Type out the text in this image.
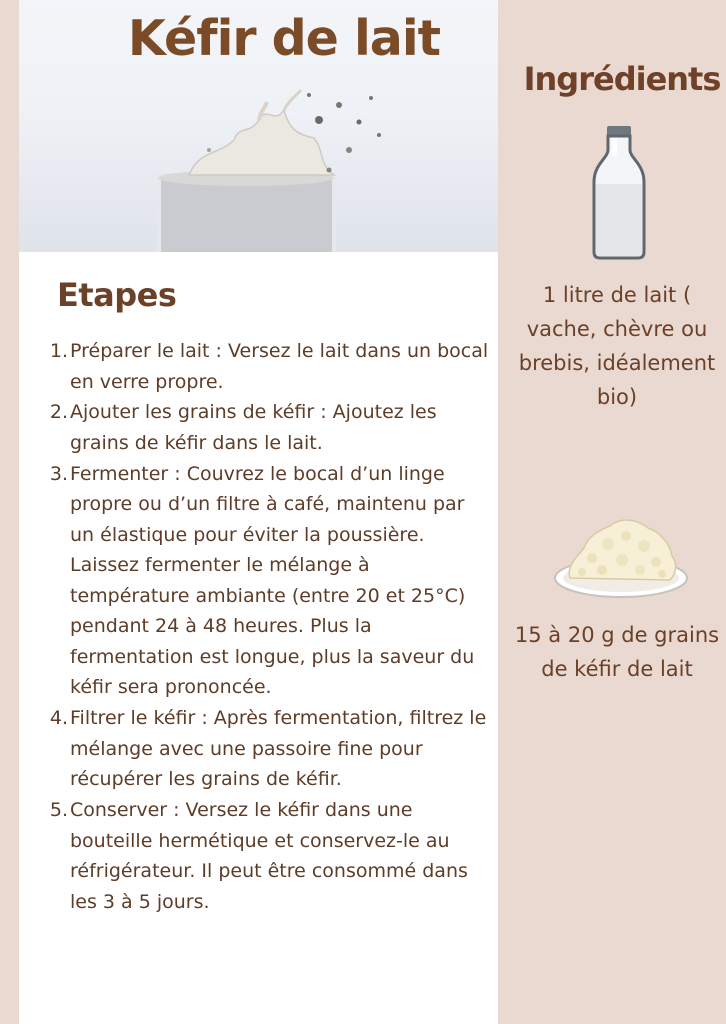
Kéfir de lait
Etapes
1. Préparer le lait : Versez le lait dans un bocal en verre propre.
2. Ajouter les grains de kéfir : Ajoutez les grains de kéfir dans le lait.
3. Fermenter : Couvrez le bocal d’un linge propre ou d’un filtre à café, maintenu par un élastique pour éviter la poussière. Laissez fermenter le mélange à température ambiante (entre 20 et 25°C) pendant 24 à 48 heures. Plus la fermentation est longue, plus la saveur du kéfir sera prononcée.
4. Filtrer le kéfir : Après fermentation, filtrez le mélange avec une passoire fine pour récupérer les grains de kéfir.
5. Conserver : Versez le kéfir dans une bouteille hermétique et conservez-le au réfrigérateur. Il peut être consommé dans les 3 à 5 jours.
Ingrédients

1 litre de lait ( vache, chèvre ou brebis, idéalement bio)

15 à 20 g de grains de kéfir de lait
